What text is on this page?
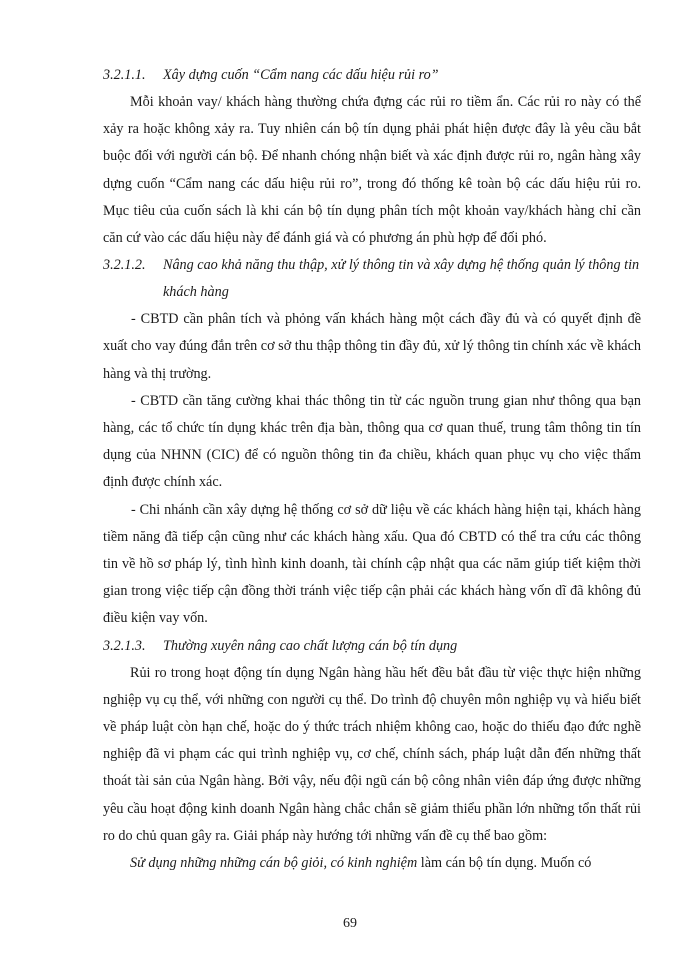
3.2.1.1.	Xây dựng cuốn “Cẩm nang các dấu hiệu rủi ro”

Mỗi khoản vay/ khách hàng thường chứa đựng các rủi ro tiềm ẩn. Các rủi ro này có thể xảy ra hoặc không xảy ra. Tuy nhiên cán bộ tín dụng phải phát hiện được đây là yêu cầu bắt buộc đối với người cán bộ. Để nhanh chóng nhận biết và xác định được rủi ro, ngân hàng xây dựng cuốn “Cẩm nang các dấu hiệu rủi ro”, trong đó thống kê toàn bộ các dấu hiệu rủi ro. Mục tiêu của cuốn sách là khi cán bộ tín dụng phân tích một khoản vay/khách hàng chỉ cần căn cứ vào các dấu hiệu này để đánh giá và có phương án phù hợp để đối phó.

3.2.1.2.	Nâng cao khả năng thu thập, xử lý thông tin và xây dựng hệ thống quản lý thông tin khách hàng

- CBTD cần phân tích và phỏng vấn khách hàng một cách đầy đủ và có quyết định đề xuất cho vay đúng đắn trên cơ sở thu thập thông tin đầy đủ, xử lý thông tin chính xác về khách hàng và thị trường.

- CBTD cần tăng cường khai thác thông tin từ các nguồn trung gian như thông qua bạn hàng, các tổ chức tín dụng khác trên địa bàn, thông qua cơ quan thuế, trung tâm thông tin tín dụng của NHNN (CIC) để có nguồn thông tin đa chiều, khách quan phục vụ cho việc thẩm định được chính xác.

- Chi nhánh cần xây dựng hệ thống cơ sở dữ liệu về các khách hàng hiện tại, khách hàng tiềm năng đã tiếp cận cũng như các khách hàng xấu. Qua đó CBTD có thể tra cứu các thông tin về hồ sơ pháp lý, tình hình kinh doanh, tài chính cập nhật qua các năm giúp tiết kiệm thời gian trong việc tiếp cận đồng thời tránh việc tiếp cận phải các khách hàng vốn dĩ đã không đủ điều kiện vay vốn.

3.2.1.3.	Thường xuyên nâng cao chất lượng cán bộ tín dụng

Rủi ro trong hoạt động tín dụng Ngân hàng hầu hết đều bắt đầu từ việc thực hiện những nghiệp vụ cụ thể, với những con người cụ thể. Do trình độ chuyên môn nghiệp vụ và hiểu biết về pháp luật còn hạn chế, hoặc do ý thức trách nhiệm không cao, hoặc do thiếu đạo đức nghề nghiệp đã vi phạm các qui trình nghiệp vụ, cơ chế, chính sách, pháp luật dẫn đến những thất thoát tài sản của Ngân hàng. Bởi vậy, nếu đội ngũ cán bộ công nhân viên đáp ứng được những yêu cầu hoạt động kinh doanh Ngân hàng chắc chắn sẽ giảm thiểu phần lớn những tổn thất rủi ro do chủ quan gây ra. Giải pháp này hướng tới những vấn đề cụ thể bao gồm:

Sử dụng những những cán bộ giỏi, có kinh nghiệm làm cán bộ tín dụng. Muốn có

69
